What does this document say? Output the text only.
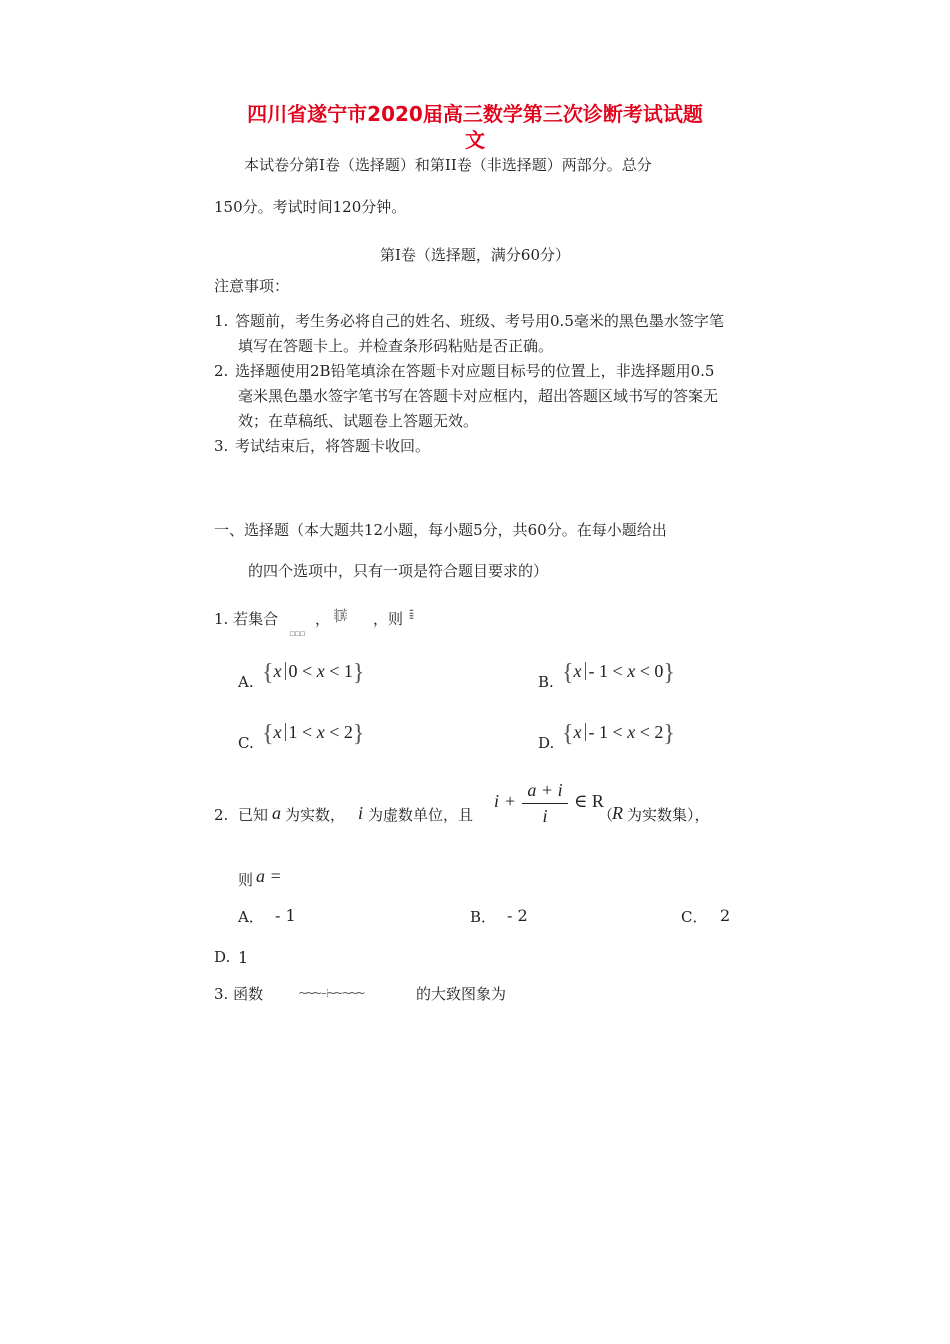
四川省遂宁市2020届高三数学第三次诊断考试试题
文
本试卷分第Ⅰ卷（选择题）和第II卷（非选择题）两部分。总分
150分。考试时间120分钟。
第Ⅰ卷（选择题，满分60分）
注意事项：
1. 答题前，考生务必将自己的姓名、班级、考号用0.5毫米的黑色墨水签字笔
填写在答题卡上。并检查条形码粘贴是否正确。
2. 选择题使用2B铅笔填涂在答题卡对应题目标号的位置上，非选择题用0.5
毫米黑色墨水签字笔书写在答题卡对应框内，超出答题区域书写的答案无
效；在草稿纸、试题卷上答题无效。
3. 考试结束后，将答题卡收回。
一、选择题（本大题共12小题，每小题5分，共60分。在每小题给出
的四个选项中，只有一项是符合题目要求的）
1. 若集合
▫▫▫
， ⁞|▯⁞⟨⁞ ，则 ⁞⁞⁞
A. {x 0 < x < 1}	B. {x - 1 < x < 0}
C. {x 1 < x < 2}	D. {x - 1 < x < 2}
2. 已知 a 为实数， i 为虚数单位，且
i +
a + i
i
∈ R
（
R 为实数集），
则 a =
A． - 1	B． - 2	C． 2
D. 1
3. 函数	⁓⁓⁓ ‒ ⁞⁓⁓ ⁓⁓⁓	的大致图象为
